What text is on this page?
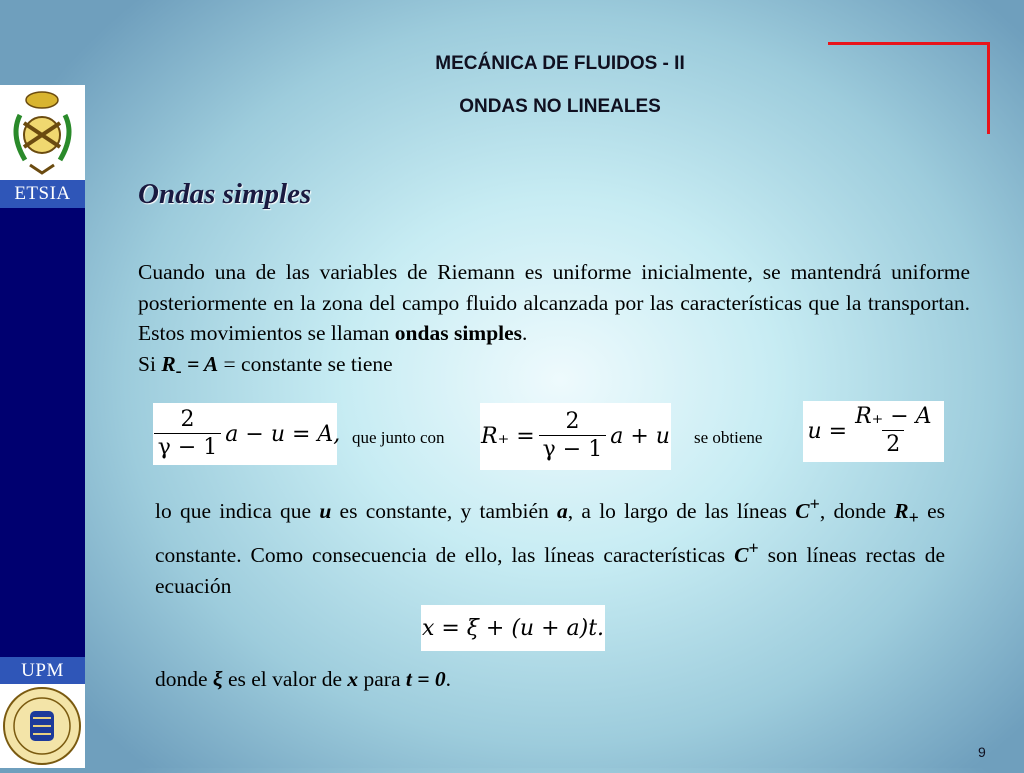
ETSIA
UPM
MECÁNICA DE FLUIDOS - II
ONDAS NO LINEALES
Ondas simples
Cuando una de las variables de Riemann es uniforme inicialmente, se mantendrá uniforme posteriormente en la zona del campo fluido alcanzada por las características que la transportan. Estos movimientos se llaman ondas simples.
Si $R_- = A$ = constante se tiene
$\frac{2}{\gamma - 1}$ a − u = A, que junto con $R_+ = \frac{2}{\gamma - 1}$ a + u se obtiene $u = \frac{R_+ - A}{2}$
lo que indica que u es constante, y también a, a lo largo de las líneas C+, donde $R_+$ es constante. Como consecuencia de ello, las líneas características C+ son líneas rectas de ecuación
x = ξ + (u + a)t.
donde ξ es el valor de x para t = 0.
9
